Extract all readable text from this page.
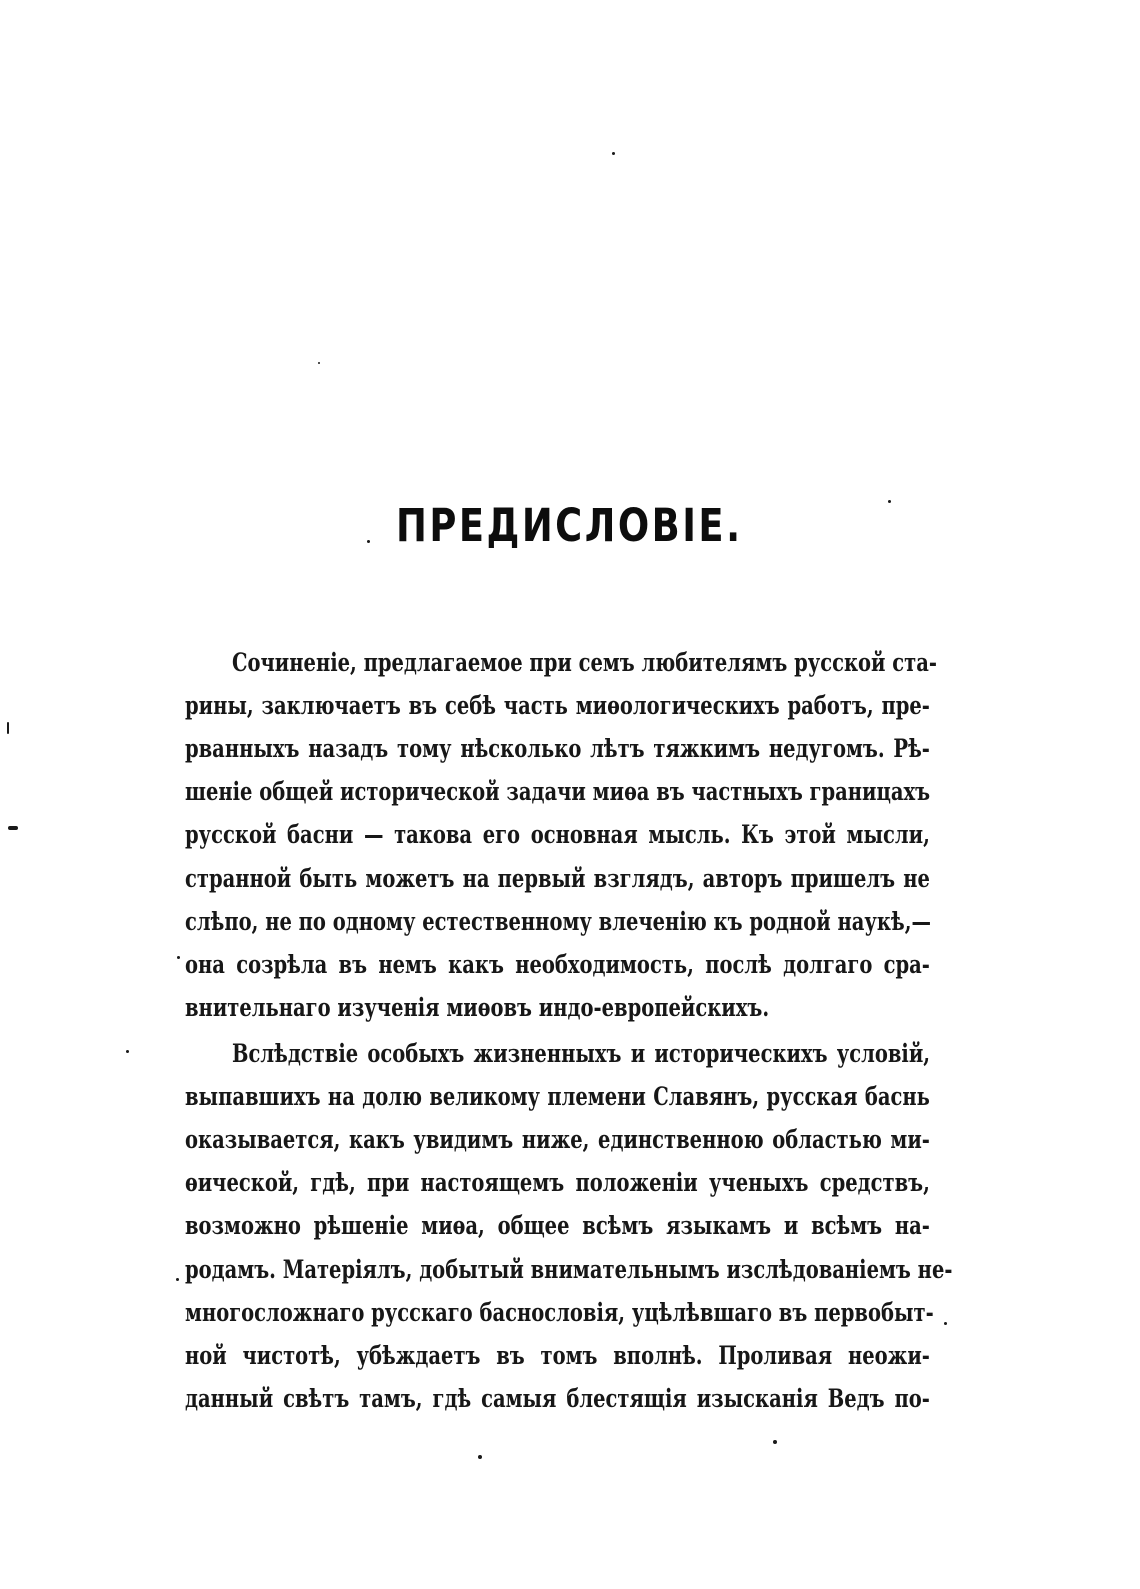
ПРЕДИСЛОВІЕ.

Сочиненіе, предлагаемое при семъ любителямъ русской ста-

рины, заключаетъ въ себѣ часть миѳологическихъ работъ, пре-

рванныхъ назадъ тому нѣсколько лѣтъ тяжкимъ недугомъ. Рѣ-

шеніе общей исторической задачи миѳа въ частныхъ границахъ

русской басни — такова его основная мысль. Къ этой мысли,

странной быть можетъ на первый взглядъ, авторъ пришелъ не

слѣпо, не по одному естественному влеченію къ родной наукѣ,—

она созрѣла въ немъ какъ необходимость, послѣ долгаго сра-

внительнаго изученія миѳовъ индо-европейскихъ.

Вслѣдствіе особыхъ жизненныхъ и историческихъ условій,

выпавшихъ на долю великому племени Славянъ, русская баснь

оказывается, какъ увидимъ ниже, единственною областью ми-

ѳической, гдѣ, при настоящемъ положеніи ученыхъ средствъ,

возможно рѣшеніе миѳа, общее всѣмъ языкамъ и всѣмъ на-

родамъ. Матеріялъ, добытый внимательнымъ изслѣдованіемъ не-

многосложнаго русскаго баснословія, уцѣлѣвшаго въ первобыт-

ной чистотѣ, убѣждаетъ въ томъ вполнѣ. Проливая неожи-

данный свѣтъ тамъ, гдѣ самыя блестящія изысканія Ведъ по-
